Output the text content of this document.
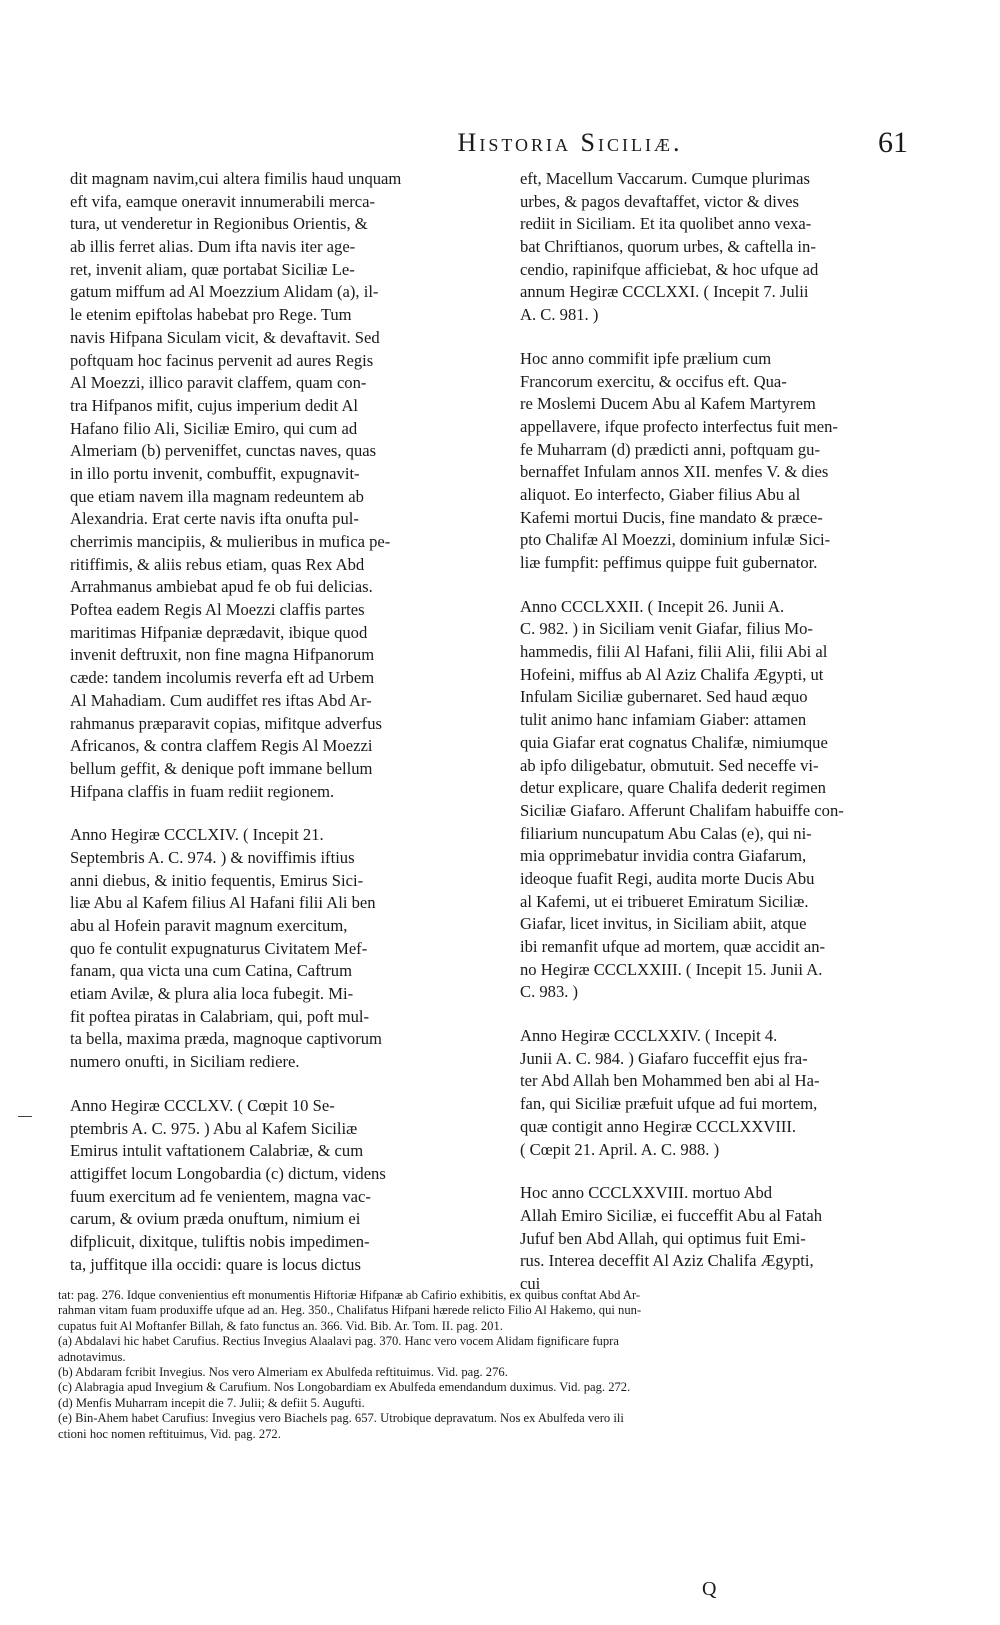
Historia Siciliæ.	61
dit magnam navim,cui altera fimilis haud unquam
eft vifa, eamque oneravit innumerabili merca-
tura, ut venderetur in Regionibus Orientis, &
ab illis ferret alias. Dum ifta navis iter age-
ret, invenit aliam, quæ portabat Siciliæ Le-
gatum miffum ad Al Moezzium Alidam (a), il-
le etenim epiftolas habebat pro Rege. Tum
navis Hifpana Siculam vicit, & devaftavit. Sed
poftquam hoc facinus pervenit ad aures Regis
Al Moezzi, illico paravit claffem, quam con-
tra Hifpanos mifit, cujus imperium dedit Al
Hafano filio Ali, Siciliæ Emiro, qui cum ad
Almeriam (b) perveniffet, cunctas naves, quas
in illo portu invenit, combuffit, expugnavit-
que etiam navem illa magnam redeuntem ab
Alexandria. Erat certe navis ifta onufta pul-
cherrimis mancipiis, & mulieribus in mufica pe-
ritiffimis, & aliis rebus etiam, quas Rex Abd
Arrahmanus ambiebat apud fe ob fui delicias.
Poftea eadem Regis Al Moezzi claffis partes
maritimas Hifpaniæ deprædavit, ibique quod
invenit deftruxit, non fine magna Hifpanorum
cæde: tandem incolumis reverfa eft ad Urbem
Al Mahadiam. Cum audiffet res iftas Abd Ar-
rahmanus præparavit copias, mifitque adverfus
Africanos, & contra claffem Regis Al Moezzi
bellum geffit, & denique poft immane bellum
Hifpana claffis in fuam rediit regionem.
Anno Hegiræ CCCLXIV. ( Incepit 21.
Septembris A. C. 974. ) & noviffimis iftius
anni diebus, & initio fequentis, Emirus Sici-
liæ Abu al Kafem filius Al Hafani filii Ali ben
abu al Hofein paravit magnum exercitum,
quo fe contulit expugnaturus Civitatem Mef-
fanam, qua victa una cum Catina, Caftrum
etiam Avilæ, & plura alia loca fubegit. Mi-
fit poftea piratas in Calabriam, qui, poft mul-
ta bella, maxima præda, magnoque captivorum
numero onufti, in Siciliam rediere.
Anno Hegiræ CCCLXV. ( Cœpit 10 Se-
ptembris A. C. 975. ) Abu al Kafem Siciliæ
Emirus intulit vaftationem Calabriæ, & cum
attigiffet locum Longobardia (c) dictum, videns
fuum exercitum ad fe venientem, magna vac-
carum, & ovium præda onuftum, nimium ei
difplicuit, dixitque, tuliftis nobis impedimen-
ta, juffitque illa occidi: quare is locus dictus
eft, Macellum Vaccarum. Cumque plurimas
urbes, & pagos devaftaffet, victor & dives
rediit in Siciliam. Et ita quolibet anno vexa-
bat Chriftianos, quorum urbes, & caftella in-
cendio, rapinifque afficiebat, & hoc ufque ad
annum Hegiræ CCCLXXI. ( Incepit 7. Julii
A. C. 981. )
Hoc anno commifit ipfe prælium cum
Francorum exercitu, & occifus eft. Qua-
re Moslemi Ducem Abu al Kafem Martyrem
appellavere, ifque profecto interfectus fuit men-
fe Muharram (d) prædicti anni, poftquam gu-
bernaffet Infulam annos XII. menfes V. & dies
aliquot. Eo interfecto, Giaber filius Abu al
Kafemi mortui Ducis, fine mandato & præce-
pto Chalifæ Al Moezzi, dominium infulæ Sici-
liæ fumpfit: peffimus quippe fuit gubernator.
Anno CCCLXXII. ( Incepit 26. Junii A.
C. 982. ) in Siciliam venit Giafar, filius Mo-
hammedis, filii Al Hafani, filii Alii, filii Abi al
Hofeini, miffus ab Al Aziz Chalifa Ægypti, ut
Infulam Siciliæ gubernaret. Sed haud æquo
tulit animo hanc infamiam Giaber: attamen
quia Giafar erat cognatus Chalifæ, nimiumque
ab ipfo diligebatur, obmutuit. Sed neceffe vi-
detur explicare, quare Chalifa dederit regimen
Siciliæ Giafaro. Afferunt Chalifam habuiffe con-
filiarium nuncupatum Abu Calas (e), qui ni-
mia opprimebatur invidia contra Giafarum,
ideoque fuafit Regi, audita morte Ducis Abu
al Kafemi, ut ei tribueret Emiratum Siciliæ.
Giafar, licet invitus, in Siciliam abiit, atque
ibi remanfit ufque ad mortem, quæ accidit an-
no Hegiræ CCCLXXIII. ( Incepit 15. Junii A.
C. 983. )
Anno Hegiræ CCCLXXIV. ( Incepit 4.
Junii A. C. 984. ) Giafaro fucceffit ejus fra-
ter Abd Allah ben Mohammed ben abi al Ha-
fan, qui Siciliæ præfuit ufque ad fui mortem,
quæ contigit anno Hegiræ CCCLXXVIII.
( Cœpit 21. April. A. C. 988. )
Hoc anno CCCLXXVIII. mortuo Abd
Allah Emiro Siciliæ, ei fucceffit Abu al Fatah
Jufuf ben Abd Allah, qui optimus fuit Emi-
rus. Interea deceffit Al Aziz Chalifa Ægypti,
cui
tat: pag. 276. Idque convenientius eft monumentis Hiftoriæ Hifpanæ ab Cafirio exhibitis, ex quibus conftat Abd Ar-
rahman vitam fuam produxiffe ufque ad an. Heg. 350., Chalifatus Hifpani hærede relicto Filio Al Hakemo, qui nun-
cupatus fuit Al Moftanfer Billah, & fato functus an. 366. Vid. Bib. Ar. Tom. II. pag. 201.
(a) Abdalavi hic habet Carufius. Rectius Invegius Alaalavi pag. 370. Hanc vero vocem Alidam fignificare fupra
adnotavimus.
(b) Abdaram fcribit Invegius. Nos vero Almeriam ex Abulfeda reftituimus. Vid. pag. 276.
(c) Alabragia apud Invegium & Carufium. Nos Longobardiam ex Abulfeda emendandum duximus. Vid. pag. 272.
(d) Menfis Muharram incepit die 7. Julii; & defiit 5. Augufti.
(e) Bin-Ahem habet Carufius: Invegius vero Biachels pag. 657. Utrobique depravatum. Nos ex Abulfeda vero ili
ctioni hoc nomen reftituimus, Vid. pag. 272.
Q
